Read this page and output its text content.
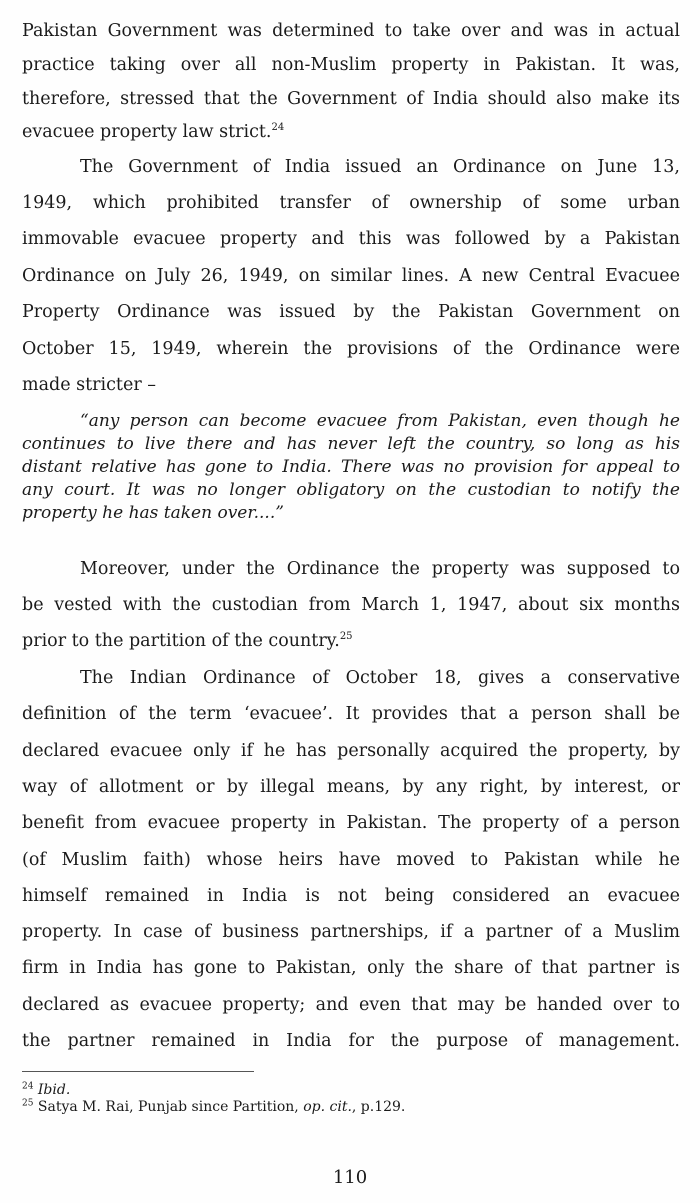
Pakistan Government was determined to take over and was in actual
practice taking over all non-Muslim property in Pakistan. It was,
therefore, stressed that the Government of India should also make its
evacuee property law strict.$^{24}$
The Government of India issued an Ordinance on June 13,
1949, which prohibited transfer of ownership of some urban
immovable evacuee property and this was followed by a Pakistan
Ordinance on July 26, 1949, on similar lines. A new Central Evacuee
Property Ordinance was issued by the Pakistan Government on
October 15, 1949, wherein the provisions of the Ordinance were
made stricter –
“any person can become evacuee from Pakistan, even though he
continues to live there and has never left the country, so long as his
distant relative has gone to India. There was no provision for appeal to
any court. It was no longer obligatory on the custodian to notify the
property he has taken over....”
Moreover, under the Ordinance the property was supposed to
be vested with the custodian from March 1, 1947, about six months
prior to the partition of the country.$^{25}$
The Indian Ordinance of October 18, gives a conservative
definition of the term ‘evacuee’. It provides that a person shall be
declared evacuee only if he has personally acquired the property, by
way of allotment or by illegal means, by any right, by interest, or
benefit from evacuee property in Pakistan. The property of a person
(of Muslim faith) whose heirs have moved to Pakistan while he
himself remained in India is not being considered an evacuee
property. In case of business partnerships, if a partner of a Muslim
firm in India has gone to Pakistan, only the share of that partner is
declared as evacuee property; and even that may be handed over to
the partner remained in India for the purpose of management.
$^{24}$ Ibid.
$^{25}$ Satya M. Rai, Punjab since Partition, op. cit., p.129.
110
